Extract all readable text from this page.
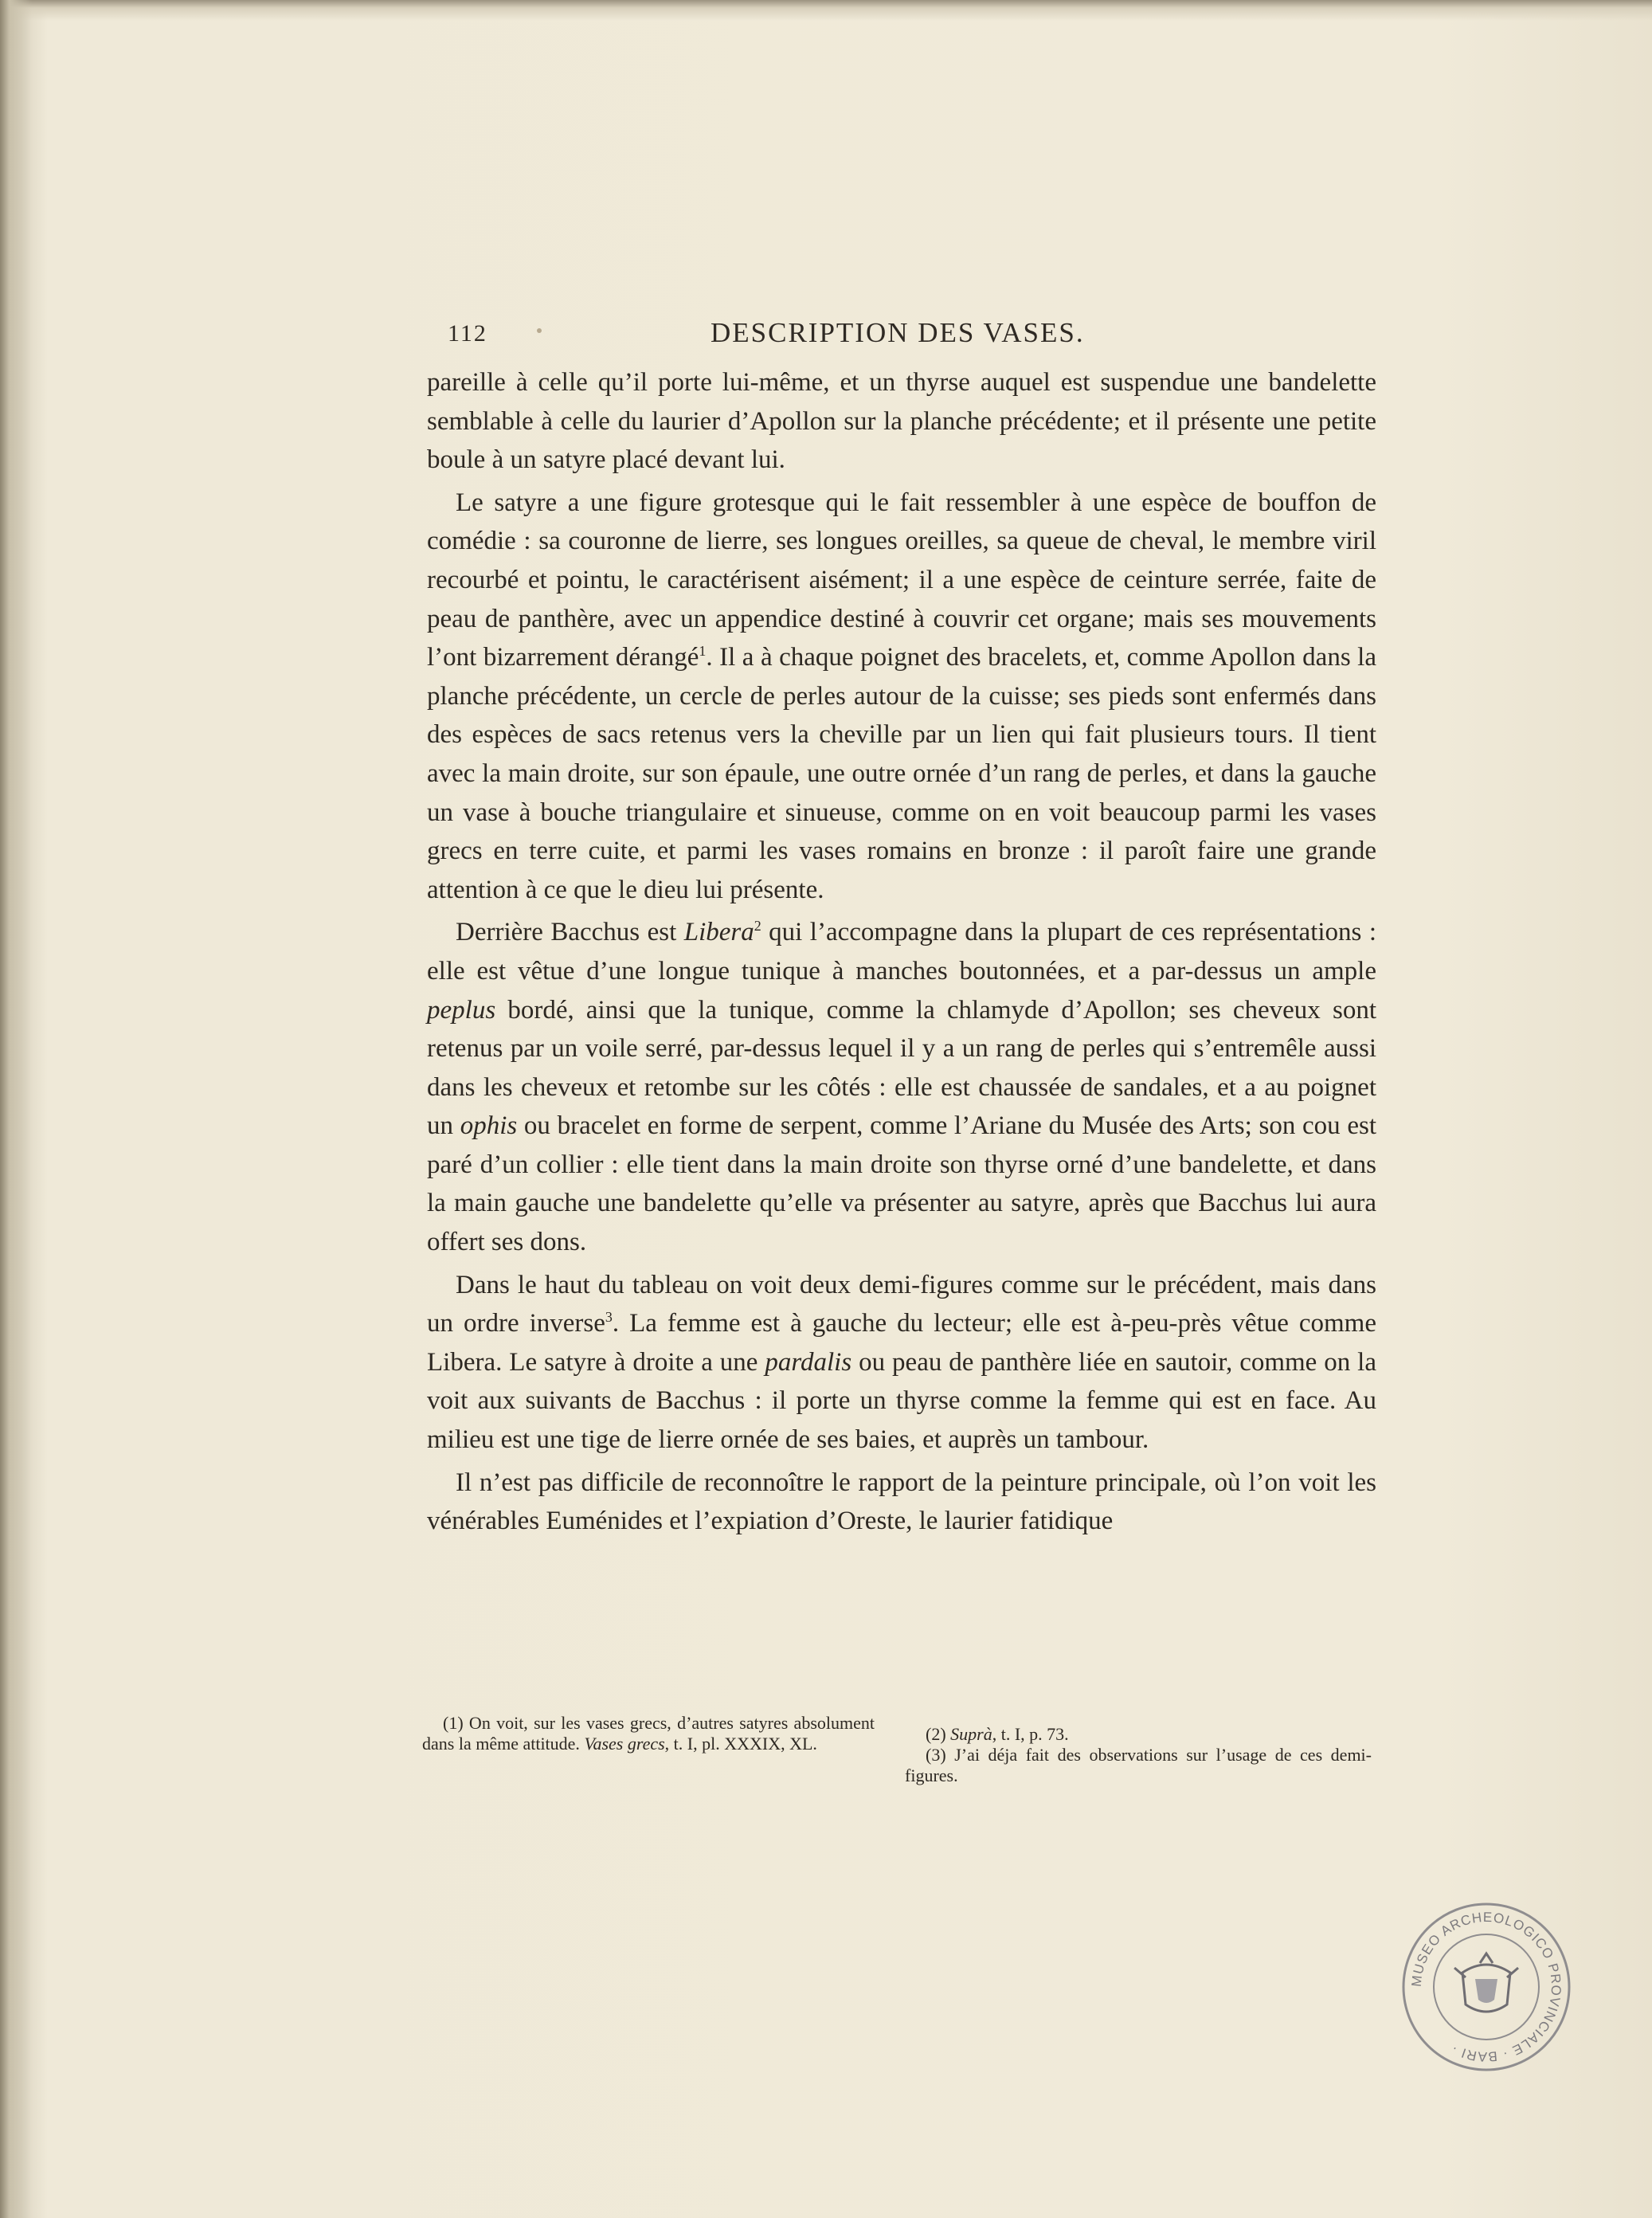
112	DESCRIPTION DES VASES.

pareille à celle qu’il porte lui-même, et un thyrse auquel est suspendue une bandelette semblable à celle du laurier d’Apollon sur la planche précédente; et il présente une petite boule à un satyre placé devant lui.

Le satyre a une figure grotesque qui le fait ressembler à une espèce de bouffon de comédie : sa couronne de lierre, ses longues oreilles, sa queue de cheval, le membre viril recourbé et pointu, le caractérisent aisément; il a une espèce de ceinture serrée, faite de peau de panthère, avec un appendice destiné à couvrir cet organe; mais ses mouvements l’ont bizarrement dérangé$^1$. Il a à chaque poignet des bracelets, et, comme Apollon dans la planche précédente, un cercle de perles autour de la cuisse; ses pieds sont enfermés dans des espèces de sacs retenus vers la cheville par un lien qui fait plusieurs tours. Il tient avec la main droite, sur son épaule, une outre ornée d’un rang de perles, et dans la gauche un vase à bouche triangulaire et sinueuse, comme on en voit beaucoup parmi les vases grecs en terre cuite, et parmi les vases romains en bronze : il paroît faire une grande attention à ce que le dieu lui présente.

Derrière Bacchus est Libera$^2$ qui l’accompagne dans la plupart de ces représentations : elle est vêtue d’une longue tunique à manches boutonnées, et a par-dessus un ample peplus bordé, ainsi que la tunique, comme la chlamyde d’Apollon; ses cheveux sont retenus par un voile serré, par-dessus lequel il y a un rang de perles qui s’entremêle aussi dans les cheveux et retombe sur les côtés : elle est chaussée de sandales, et a au poignet un ophis ou bracelet en forme de serpent, comme l’Ariane du Musée des Arts; son cou est paré d’un collier : elle tient dans la main droite son thyrse orné d’une bandelette, et dans la main gauche une bandelette qu’elle va présenter au satyre, après que Bacchus lui aura offert ses dons.

Dans le haut du tableau on voit deux demi-figures comme sur le précédent, mais dans un ordre inverse$^3$. La femme est à gauche du lecteur; elle est à-peu-près vêtue comme Libera. Le satyre à droite a une pardalis ou peau de panthère liée en sautoir, comme on la voit aux suivants de Bacchus : il porte un thyrse comme la femme qui est en face. Au milieu est une tige de lierre ornée de ses baies, et auprès un tambour.

Il n’est pas difficile de reconnoître le rapport de la peinture principale, où l’on voit les vénérables Euménides et l’expiation d’Oreste, le laurier fatidique

(1) On voit, sur les vases grecs, d’autres satyres absolument dans la même attitude. Vases grecs, t. I, pl. XXXIX, XL.	(2) Suprà, t. I, p. 73.

(3) J’ai déja fait des observations sur l’usage de ces demi-figures.

MUSEO ARCHEOLOGICO PROVINCIALE · BARI ·
